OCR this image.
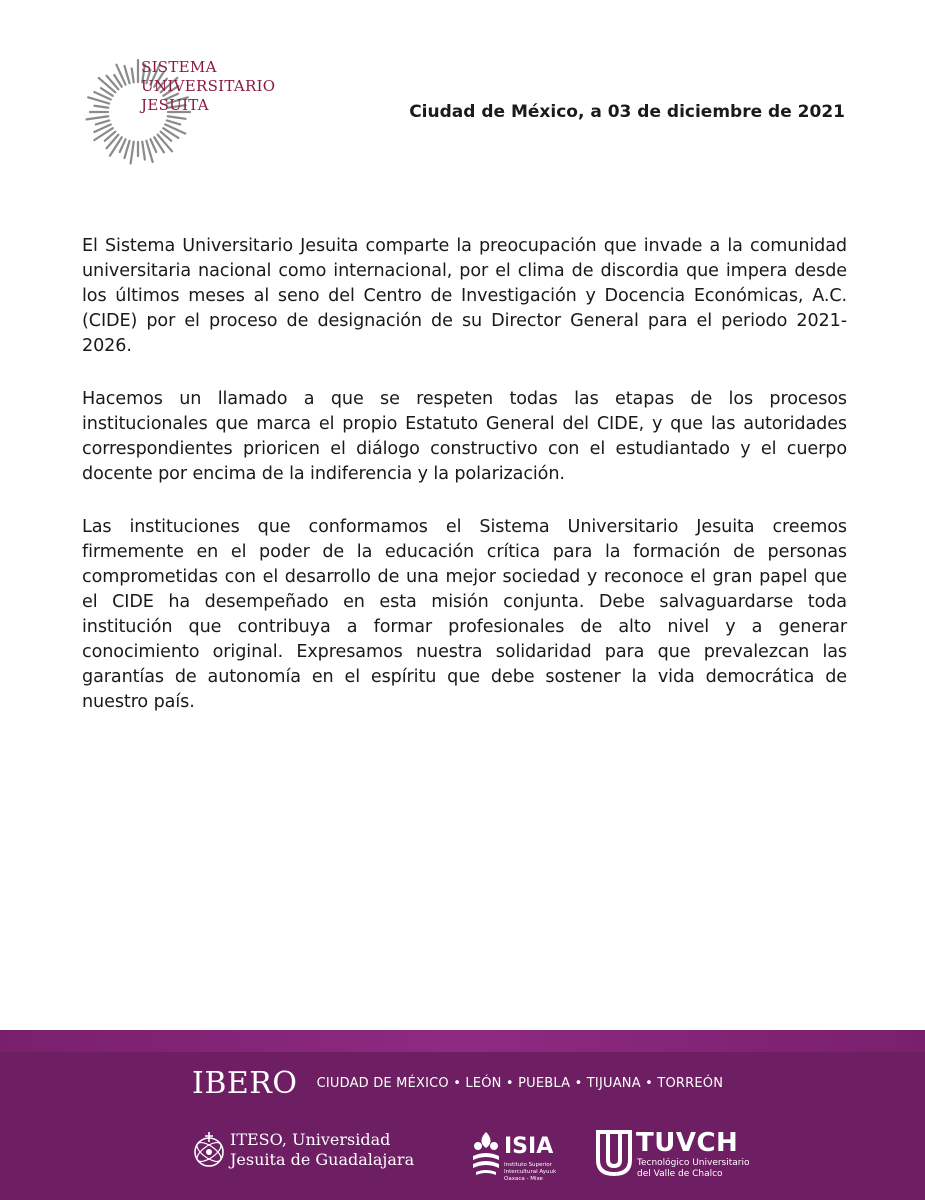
SISTEMA
UNIVERSITARIO
JESUITA	Ciudad de México, a 03 de diciembre de 2021

El Sistema Universitario Jesuita comparte la preocupación que invade a la comunidad universitaria nacional como internacional, por el clima de discordia que impera desde los últimos meses al seno del Centro de Investigación y Docencia Económicas, A.C. (CIDE) por el proceso de designación de su Director General para el periodo 2021-2026.

Hacemos un llamado a que se respeten todas las etapas de los procesos institucionales que marca el propio Estatuto General del CIDE, y que las autoridades correspondientes prioricen el diálogo constructivo con el estudiantado y el cuerpo docente por encima de la indiferencia y la polarización.

Las instituciones que conformamos el Sistema Universitario Jesuita creemos firmemente en el poder de la educación crítica para la formación de personas comprometidas con el desarrollo de una mejor sociedad y reconoce el gran papel que el CIDE ha desempeñado en esta misión conjunta. Debe salvaguardarse toda institución que contribuya a formar profesionales de alto nivel y a generar conocimiento original. Expresamos nuestra solidaridad para que prevalezcan las garantías de autonomía en el espíritu que debe sostener la vida democrática de nuestro país.

IBERO CIUDAD DE MÉXICO • LEÓN • PUEBLA • TIJUANA • TORREÓN
ITESO, Universidad
Jesuita de Guadalajara
ISIA
Instituto Superior Intercultural Ayuuk Oaxaca - Mixe
TUVCH
Tecnológico Universitario
del Valle de Chalco
